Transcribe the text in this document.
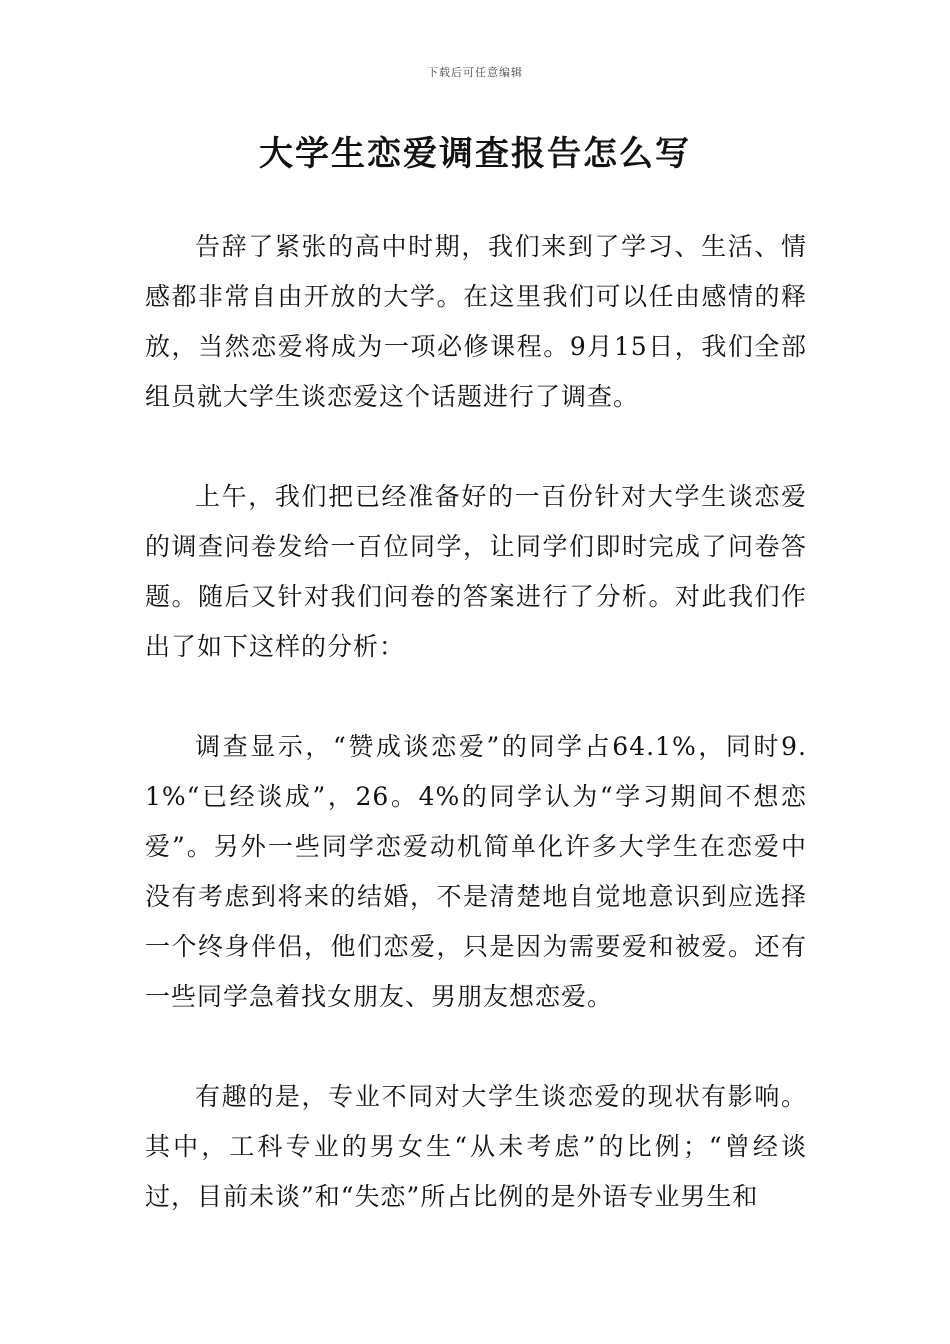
下载后可任意编辑
大学生恋爱调查报告怎么写

告辞了紧张的高中时期，我们来到了学习、生活、情感都非常自由开放的大学。在这里我们可以任由感情的释放，当然恋爱将成为一项必修课程。9月15日，我们全部组员就大学生谈恋爱这个话题进行了调查。

上午，我们把已经准备好的一百份针对大学生谈恋爱的调查问卷发给一百位同学，让同学们即时完成了问卷答题。随后又针对我们问卷的答案进行了分析。对此我们作出了如下这样的分析：

调查显示，“赞成谈恋爱”的同学占64.1%，同时9.1%“已经谈成”，26。4%的同学认为“学习期间不想恋爱”。另外一些同学恋爱动机简单化许多大学生在恋爱中没有考虑到将来的结婚，不是清楚地自觉地意识到应选择一个终身伴侣，他们恋爱，只是因为需要爱和被爱。还有一些同学急着找女朋友、男朋友想恋爱。

有趣的是，专业不同对大学生谈恋爱的现状有影响。其中，工科专业的男女生“从未考虑”的比例；“曾经谈过，目前未谈”和“失恋”所占比例的是外语专业男生和
